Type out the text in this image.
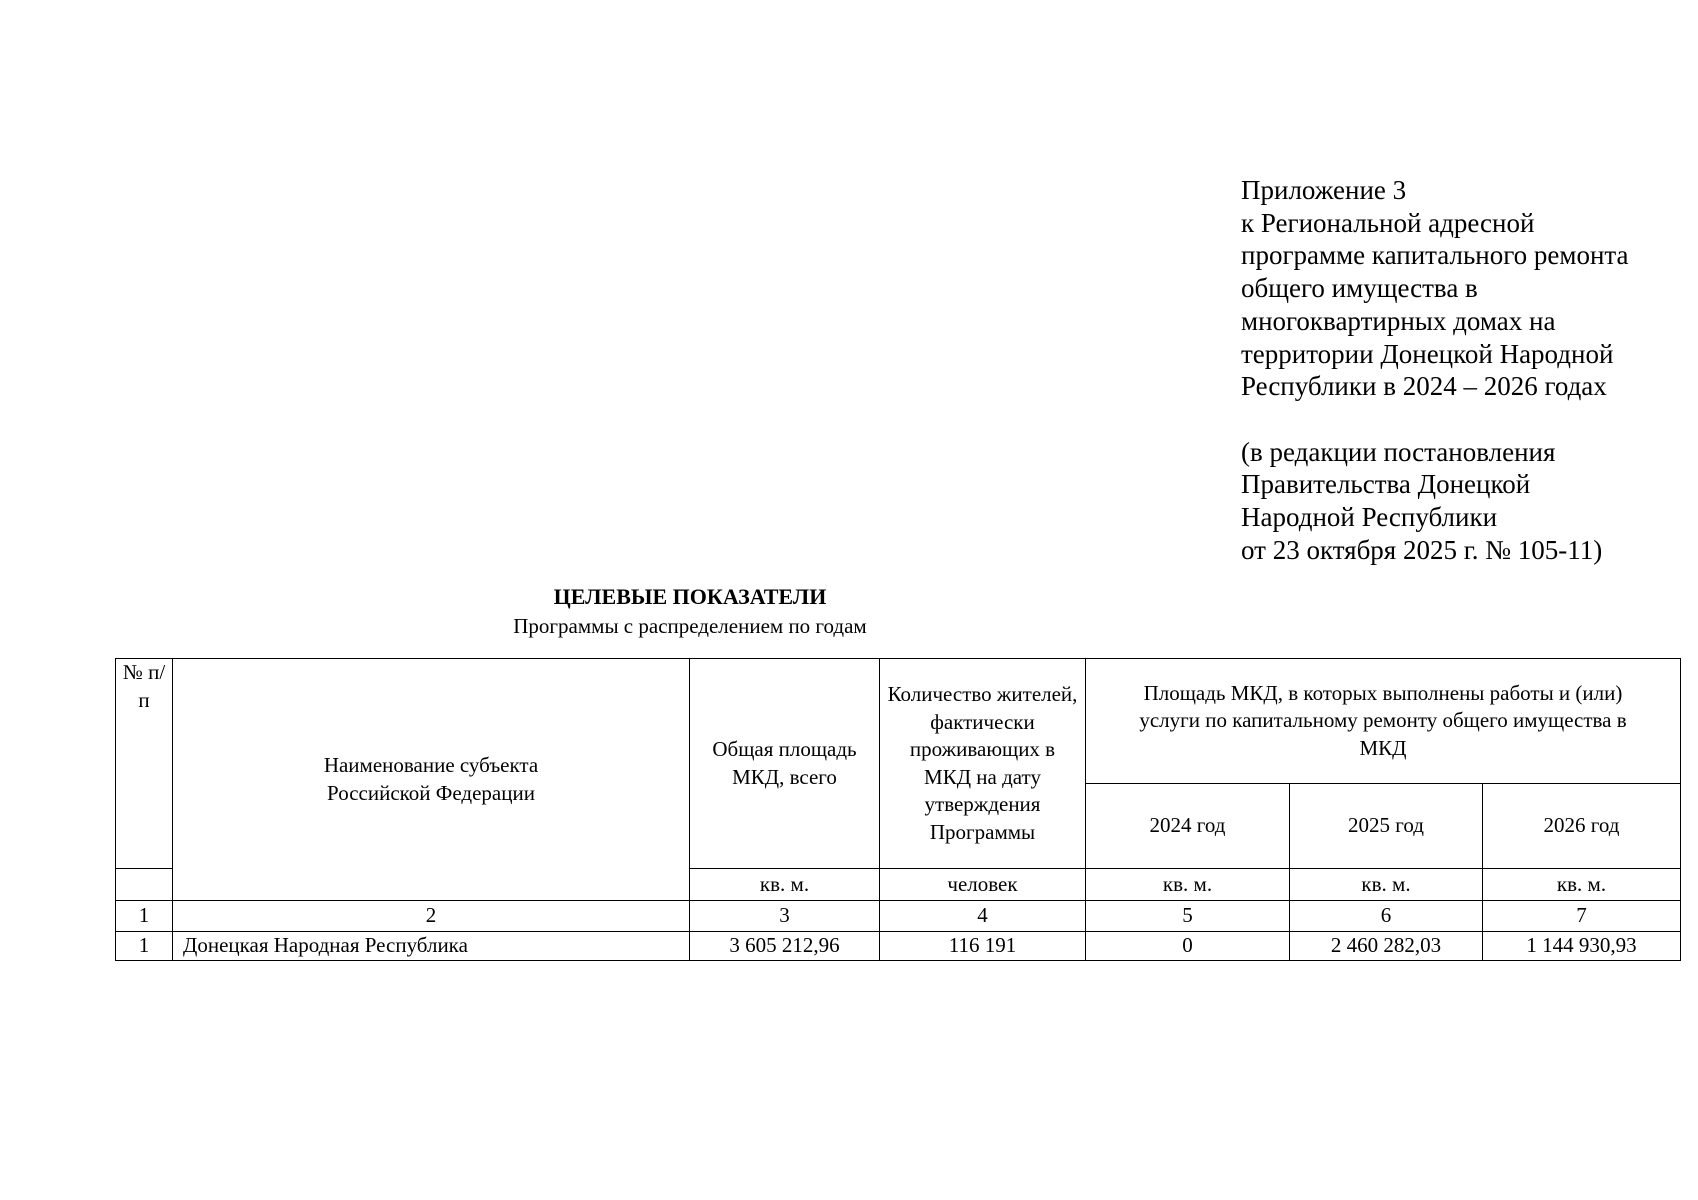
Приложение 3
к Региональной адресной
программе капитального ремонта
общего имущества в
многоквартирных домах на
территории Донецкой Народной
Республики в 2024 – 2026 годах
(в редакции постановления
Правительства Донецкой
Народной Республики
от 23 октября 2025 г. № 105-11)
ЦЕЛЕВЫЕ ПОКАЗАТЕЛИ
Программы с распределением по годам
№ п/п	Наименование субъекта Российской Федерации	Общая площадь МКД, всего	Количество жителей, фактически проживающих в МКД на дату утверждения Программы	Площадь МКД, в которых выполнены работы и (или) услуги по капитальному ремонту общего имущества в МКД		

				2024 год	2025 год	2026 год
		кв. м.	человек	кв. м.	кв. м.	кв. м.
1	2	3	4	5	6	7
1	Донецкая Народная Республика	3 605 212,96	116 191	0	2 460 282,03	1 144 930,93
